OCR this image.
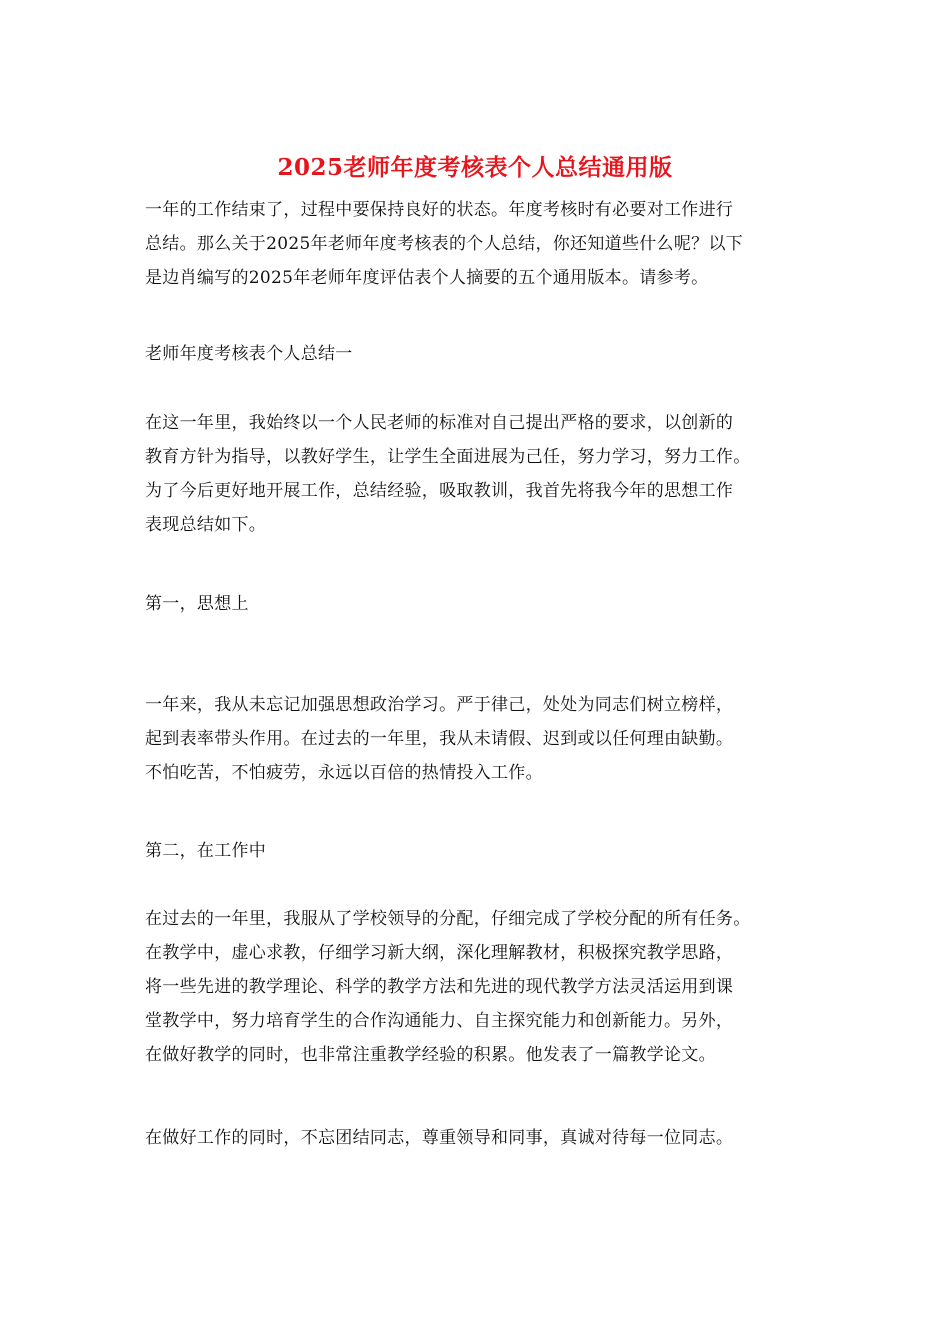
2025老师年度考核表个人总结通用版
一年的工作结束了，过程中要保持良好的状态。年度考核时有必要对工作进行
总结。那么关于2025年老师年度考核表的个人总结，你还知道些什么呢？以下
是边肖编写的2025年老师年度评估表个人摘要的五个通用版本。请参考。
老师年度考核表个人总结一
在这一年里，我始终以一个人民老师的标准对自己提出严格的要求，以创新的
教育方针为指导，以教好学生，让学生全面进展为己任，努力学习，努力工作。
为了今后更好地开展工作，总结经验，吸取教训，我首先将我今年的思想工作
表现总结如下。
第一，思想上
一年来，我从未忘记加强思想政治学习。严于律己，处处为同志们树立榜样，
起到表率带头作用。在过去的一年里，我从未请假、迟到或以任何理由缺勤。
不怕吃苦，不怕疲劳，永远以百倍的热情投入工作。
第二，在工作中
在过去的一年里，我服从了学校领导的分配，仔细完成了学校分配的所有任务。
在教学中，虚心求教，仔细学习新大纲，深化理解教材，积极探究教学思路，
将一些先进的教学理论、科学的教学方法和先进的现代教学方法灵活运用到课
堂教学中，努力培育学生的合作沟通能力、自主探究能力和创新能力。另外，
在做好教学的同时，也非常注重教学经验的积累。他发表了一篇教学论文。
在做好工作的同时，不忘团结同志，尊重领导和同事，真诚对待每一位同志。
